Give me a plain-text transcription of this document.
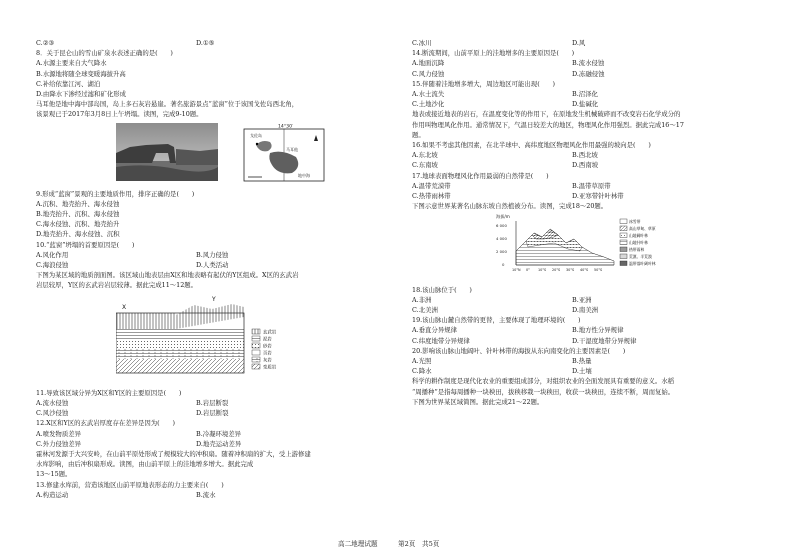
C.②③	D.①⑤
8．关于昆仑山的雪山矿泉水表述正确的是(　　)
A.水源主要来自大气降水
B.水源地将随全球变暖海拔升高
C.补给依靠江河、湖泊
D.由降水下渗经过滤和矿化形成
马耳他是地中海中部岛国，岛上多石灰岩悬崖。著名旅游景点“蓝窗”位于该国戈佐岛西北角，
该景观已于2017年3月8日上午坍塌。读图，完成9-10题。
14°30′
戈佐岛
马耳他
地中海
9.形成“蓝窗”景观的主要地质作用，排序正确的是(　　)
A.沉积、地壳抬升、海水侵蚀
B.地壳抬升、沉积、海水侵蚀
C.海水侵蚀、沉积、地壳抬升
D.地壳抬升、海水侵蚀、沉积
10.“蓝窗”坍塌的首要原因是(　　)
A.风化作用	B.风力侵蚀
C.海浪侵蚀	D.人类活动
下图为某区域的地质剖面图。该区域山地表层由X区和地表略有起伏的Y区组成。X区的玄武岩
岩层较厚，Y区的玄武岩岩层较薄。据此完成11～12题。
X
Y
玄武岩
泥岩
砂岩
页岩
灰岩
变质岩
11.导致该区域分异为X区和Y区的主要原因是(　　)
A.流水侵蚀	B.岩层断裂
C.风沙侵蚀	D.岩层断裂
12.X区和Y区的玄武岩厚度存在差异是因为(　　)
A.喷发物质差异	B.冷凝环境差异
C.外力侵蚀差异	D.地壳运动差异
霍林河发源于大兴安岭，在山前平原处形成了规模较大的冲积扇。随着冲积扇的扩大，受上游修建
水库影响，由后冲积扇形成。读图，由山前平原上的洼地增多增大。据此完成
13～15题。
13.修建水库前，营造该地区山前平原地表形态的力主要来自(　　)
A.构造运动	B.流水
C.冰川	D.风
14.断流期间，山前平原上的洼地增多的主要原因是(　　)
A.地面沉降	B.流水侵蚀
C.风力侵蚀	D.冻融侵蚀
15.伴随着洼地增多增大，周边地区可能出现(　　)
A.水土流失	B.沼泽化
C.土地沙化	D.盐碱化
地表或接近地表的岩石，在温度变化等的作用下，在原地发生机械破碎而不改变岩石化学成分的
作用叫物理风化作用。通常情况下，气温日较差大的地区，物理风化作用强烈。据此完成16～17
题。
16.如果不考虑其他因素，在北半球中、高纬度地区物理风化作用最强的坡向是(　　)
A.东北坡	B.西北坡
C.东南坡	D.西南坡
17.地球表面物理风化作用最弱的自然带是(　　)
A.温带荒漠带	B.温带草原带
C.热带雨林带	D.亚寒带针叶林带
下图示意世界某著名山脉东坡自然植被分布。读图，完成18～20题。
海拔/m
6 000
4 000
2 000
0
10°N 0° 10°S 20°S 30°S 40°S 50°S
冰雪带
高山草甸、草原
山地阔叶林
山地针叶林
热带雨林
荒漠、半荒漠
温带落叶阔叶林
18.该山脉位于(　　)
A.非洲	B.亚洲
C.北美洲	D.南美洲
19.该山脉山麓自然带的更替，主要体现了地理环境的(　　)
A.垂直分异规律	B.地方性分异规律
C.纬度地带分异规律	D.干湿度地带分异规律
20.影响该山脉山地阔叶、针叶林带的海拔从东向南变化的主要因素是(　　)
A.光照	B.热量
C.降水	D.土壤
科学的耕作制度是现代化农业的重要组成部分，对组织农业的全面发展具有重要的意义。水稻
“周播种”是指每周播种一块秧田，拔秧移栽一块秧田，收获一块秧田，连续不断，周而复始。
下图为世界某区域简图。据此完成21～22题。
高二地理试题	第2页　共5页
